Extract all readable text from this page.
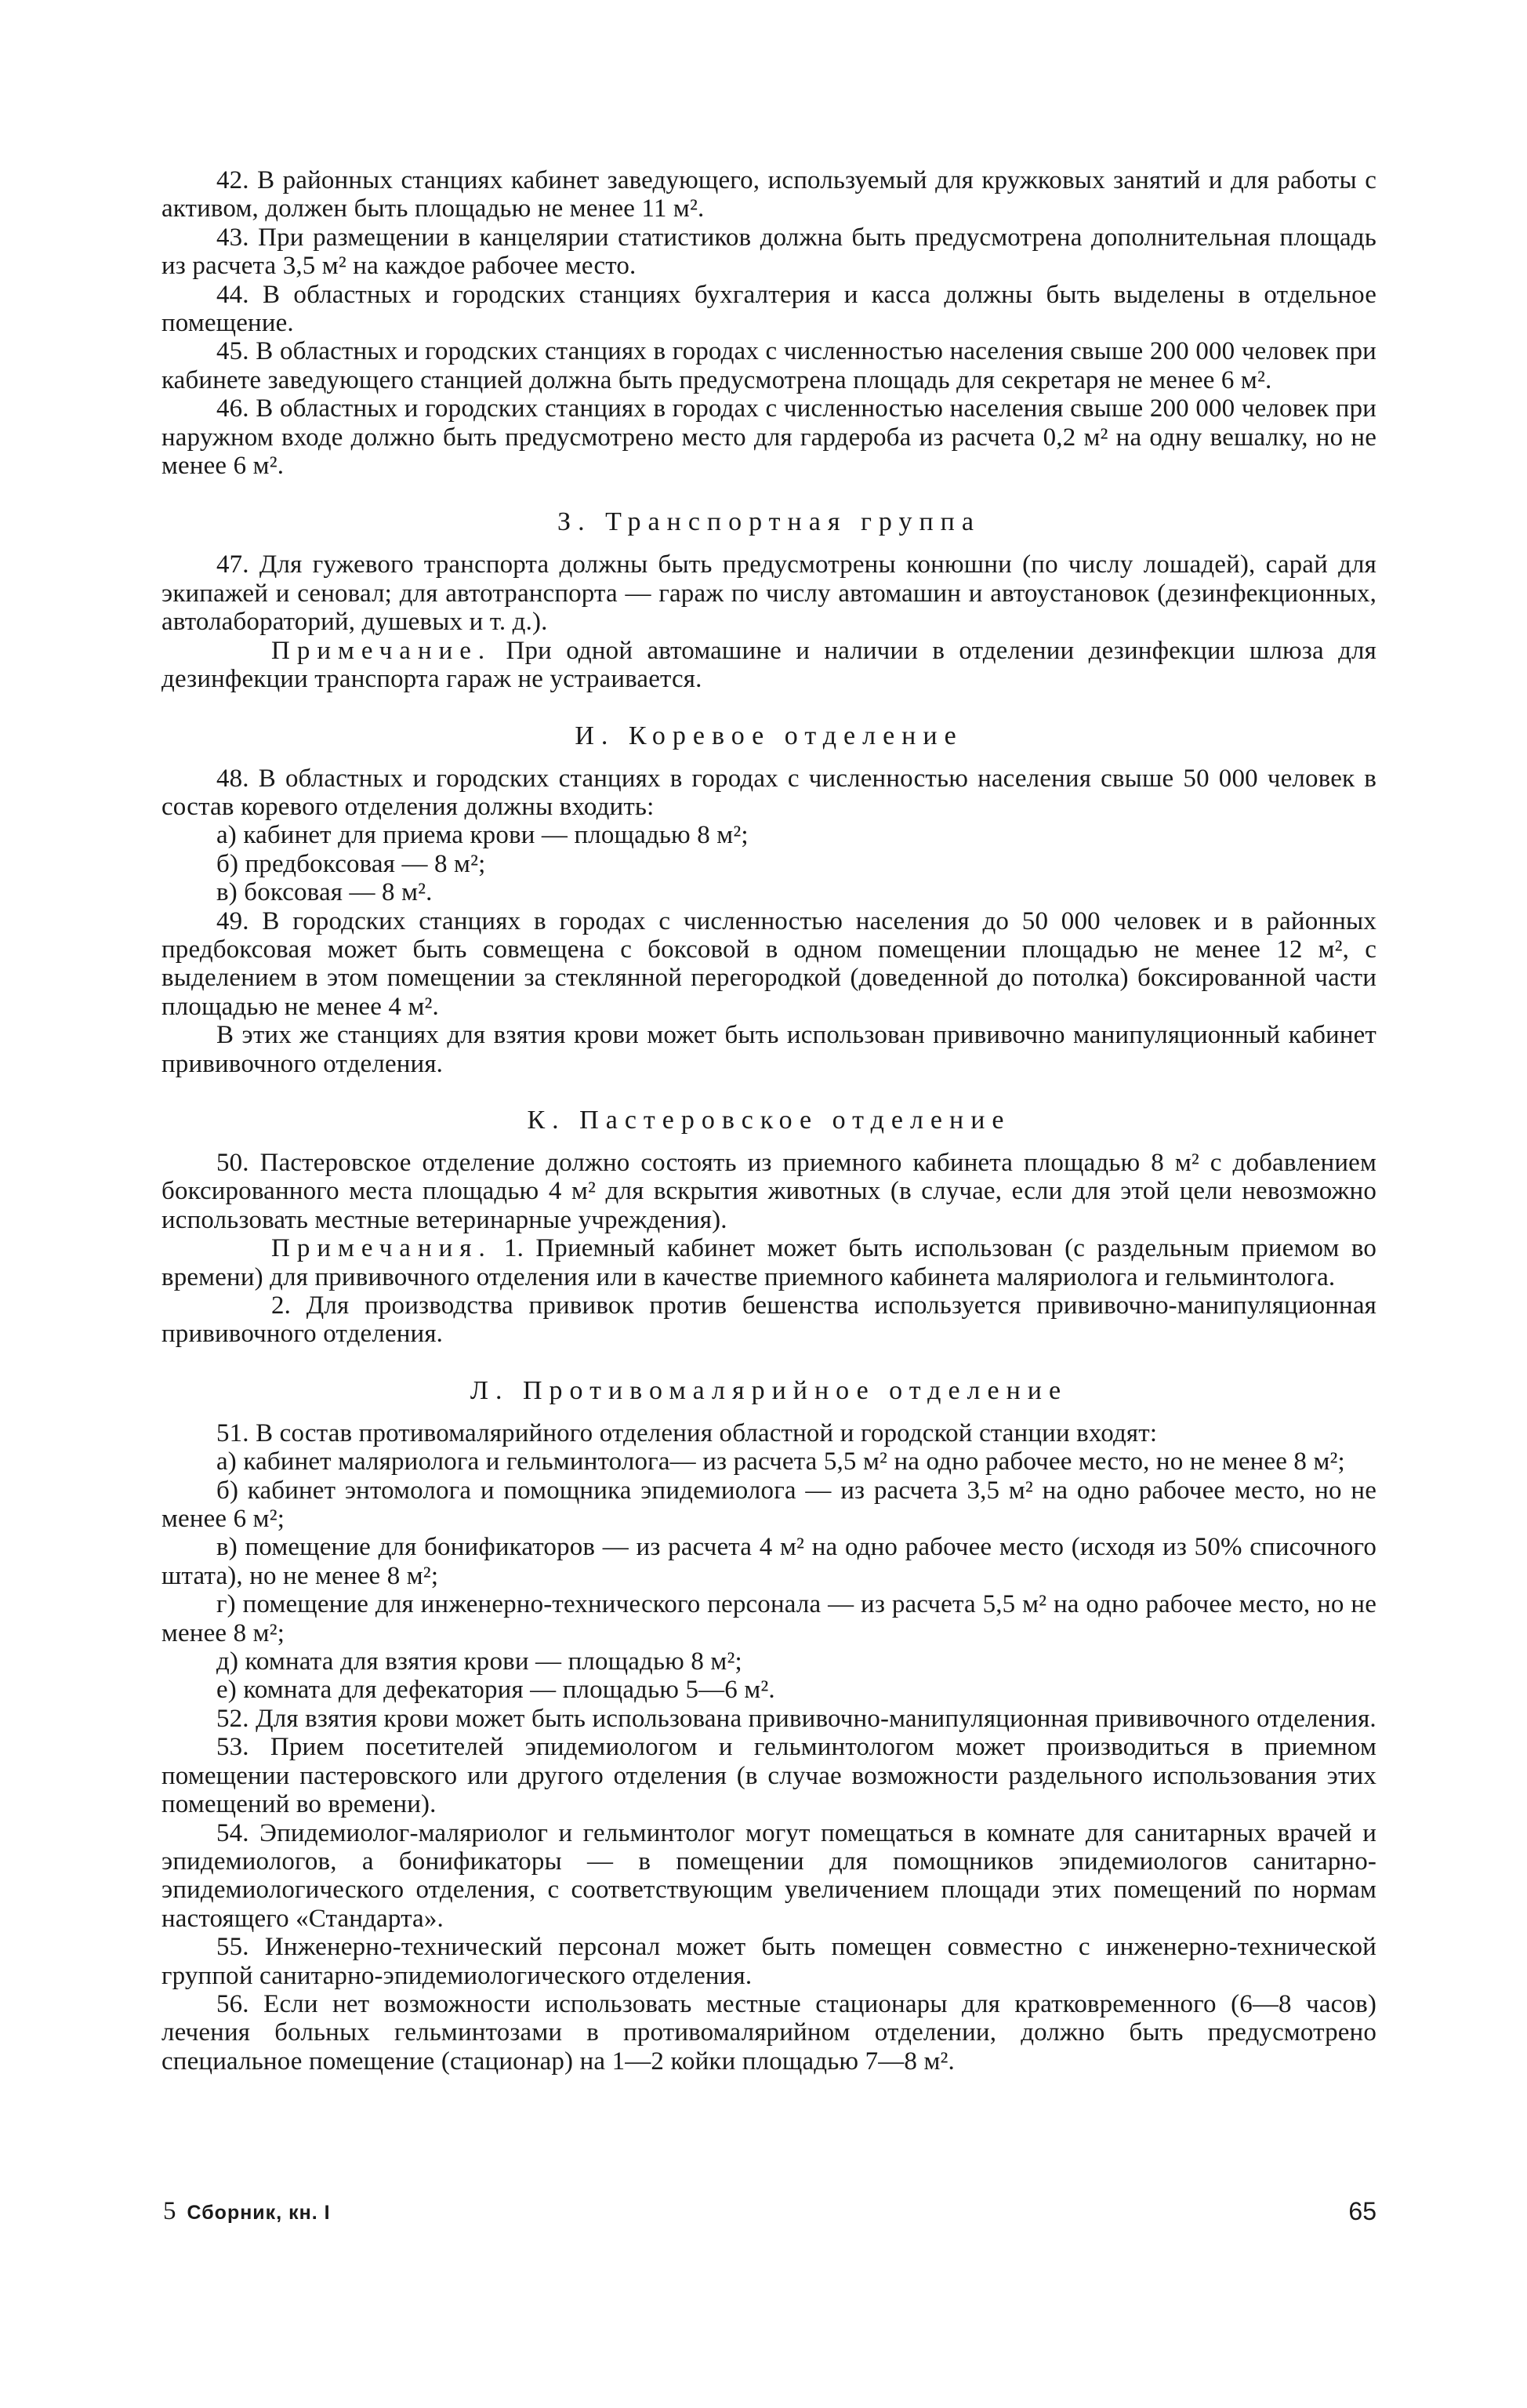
42. В районных станциях кабинет заведующего, используемый для кружковых занятий и для работы с активом, должен быть площадью не менее 11 м².

43. При размещении в канцелярии статистиков должна быть предусмотрена дополнительная площадь из расчета 3,5 м² на каждое рабочее место.

44. В областных и городских станциях бухгалтерия и касса должны быть выделены в отдельное помещение.

45. В областных и городских станциях в городах с численностью населения свыше 200 000 человек при кабинете заведующего станцией должна быть предусмотрена площадь для секретаря не менее 6 м².

46. В областных и городских станциях в городах с численностью населения свыше 200 000 человек при наружном входе должно быть предусмотрено место для гардероба из расчета 0,2 м² на одну вешалку, но не менее 6 м².

З. Транспортная группа

47. Для гужевого транспорта должны быть предусмотрены конюшни (по числу лошадей), сарай для экипажей и сеновал; для автотранспорта — гараж по числу автомашин и автоустановок (дезинфекционных, автолабораторий, душевых и т. д.).

Примечание. При одной автомашине и наличии в отделении дезинфекции шлюза для дезинфекции транспорта гараж не устраивается.

И. Коревое отделение

48. В областных и городских станциях в городах с численностью населения свыше 50 000 человек в состав коревого отделения должны входить:

а) кабинет для приема крови — площадью 8 м²;

б) предбоксовая — 8 м²;

в) боксовая — 8 м².

49. В городских станциях в городах с численностью населения до 50 000 человек и в районных предбоксовая может быть совмещена с боксовой в одном помещении площадью не менее 12 м², с выделением в этом помещении за стеклянной перегородкой (доведенной до потолка) боксированной части площадью не менее 4 м².

В этих же станциях для взятия крови может быть использован прививочно манипуляционный кабинет прививочного отделения.

К. Пастеровское отделение

50. Пастеровское отделение должно состоять из приемного кабинета площадью 8 м² с добавлением боксированного места площадью 4 м² для вскрытия животных (в случае, если для этой цели невозможно использовать местные ветеринарные учреждения).

Примечания. 1. Приемный кабинет может быть использован (с раздельным приемом во времени) для прививочного отделения или в качестве приемного кабинета маляриолога и гельминтолога.

2. Для производства прививок против бешенства используется прививочно-манипуляционная прививочного отделения.

Л. Противомалярийное отделение

51. В состав противомалярийного отделения областной и городской станции входят:

а) кабинет маляриолога и гельминтолога— из расчета 5,5 м² на одно рабочее место, но не менее 8 м²;

б) кабинет энтомолога и помощника эпидемиолога — из расчета 3,5 м² на одно рабочее место, но не менее 6 м²;

в) помещение для бонификаторов — из расчета 4 м² на одно рабочее место (исходя из 50% списочного штата), но не менее 8 м²;

г) помещение для инженерно-технического персонала — из расчета 5,5 м² на одно рабочее место, но не менее 8 м²;

д) комната для взятия крови — площадью 8 м²;

е) комната для дефекатория — площадью 5—6 м².

52. Для взятия крови может быть использована прививочно-манипуляционная прививочного отделения.

53. Прием посетителей эпидемиологом и гельминтологом может производиться в приемном помещении пастеровского или другого отделения (в случае возможности раздельного использования этих помещений во времени).

54. Эпидемиолог-маляриолог и гельминтолог могут помещаться в комнате для санитарных врачей и эпидемиологов, а бонификаторы — в помещении для помощников эпидемиологов санитарно-эпидемиологического отделения, с соответствующим увеличением площади этих помещений по нормам настоящего «Стандарта».

55. Инженерно-технический персонал может быть помещен совместно с инженерно-технической группой санитарно-эпидемиологического отделения.

56. Если нет возможности использовать местные стационары для кратковременного (6—8 часов) лечения больных гельминтозами в противомалярийном отделении, должно быть предусмотрено специальное помещение (стационар) на 1—2 койки площадью 7—8 м².

5 Сборник, кн. I	65
